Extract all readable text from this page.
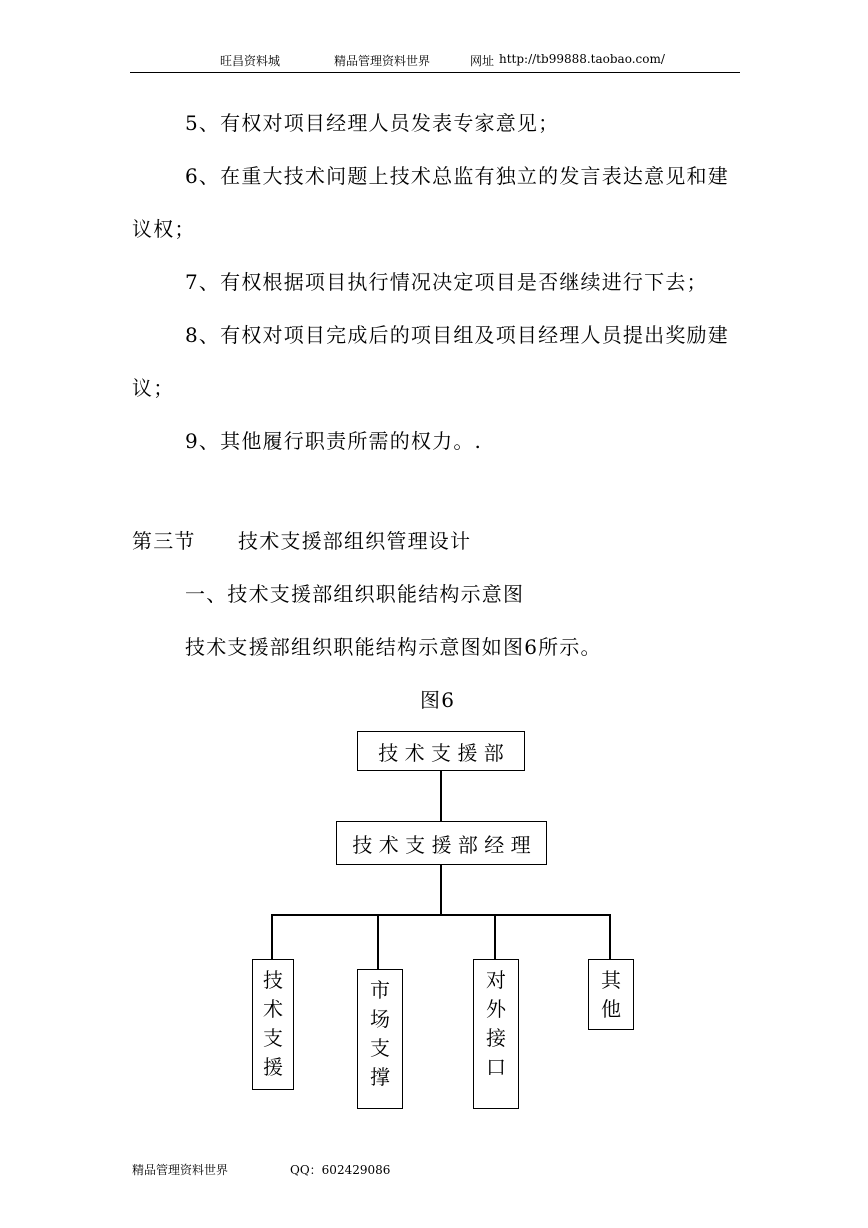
旺昌资料城	精品管理资料世界	网址 http://tb99888.taobao.com/
5、有权对项目经理人员发表专家意见；
6、在重大技术问题上技术总监有独立的发言表达意见和建
议权；
7、有权根据项目执行情况决定项目是否继续进行下去；
8、有权对项目完成后的项目组及项目经理人员提出奖励建
议；
9、其他履行职责所需的权力。.
第三节 技术支援部组织管理设计
一、技术支援部组织职能结构示意图
技术支援部组织职能结构示意图如图6所示。
图6
技 术 支 援 部
技 术 支 援 部 经 理
技
术
支
援
市
场
支
撑
对
外
接
口
其
他
精品管理资料世界	QQ：602429086
